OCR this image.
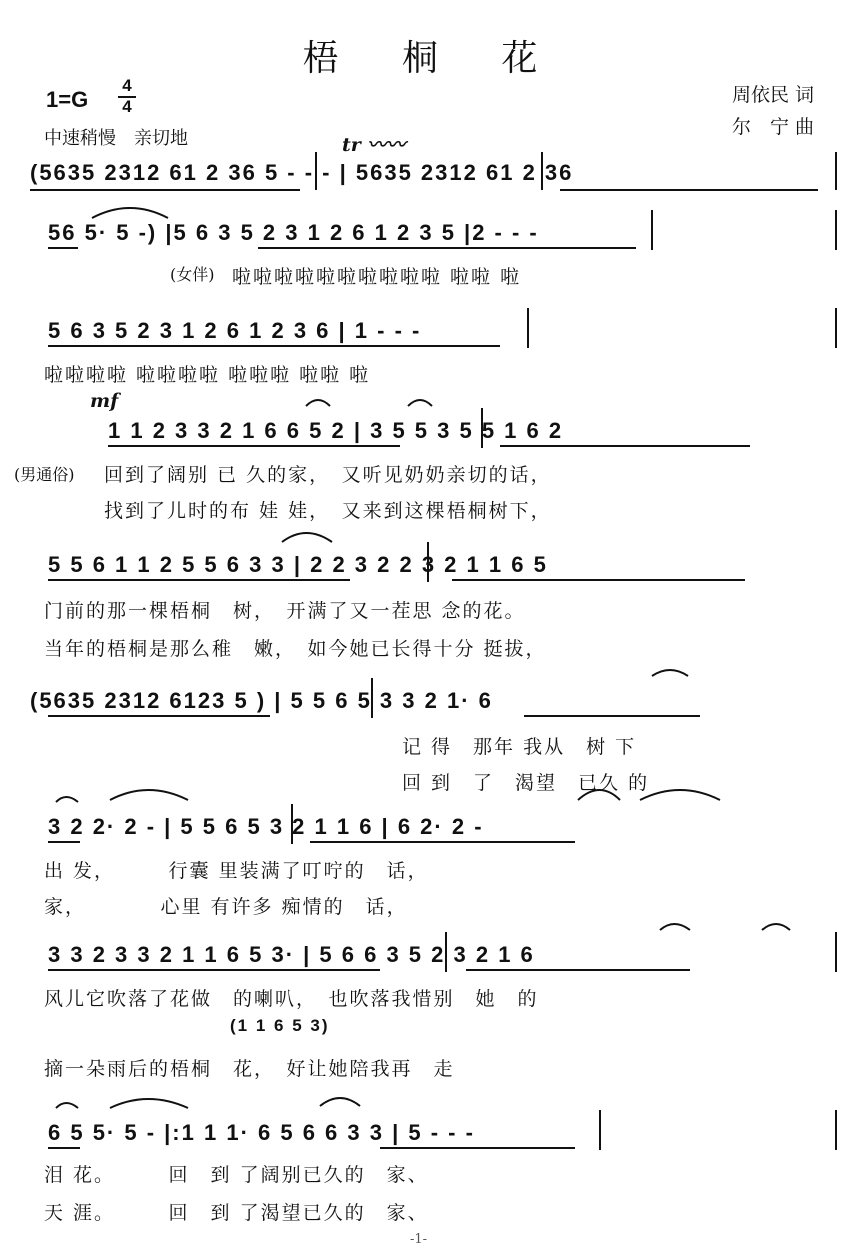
梧 桐 花
1=G
4
4
中速稍慢　亲切地
周依民 词
尔　宁 曲
tr 〰〰
(5635 2312 61 2 36 5 - - - | 5635 2312 61 2 36
56 5· 5 -) |5 6 3 5 2 3 1 2 6 1 2 3 5 |2 - - -
(女伴) 啦啦啦啦啦啦啦啦啦啦 啦啦 啦
5 6 3 5 2 3 1 2 6 1 2 3 6 | 1 - - -
啦啦啦啦 啦啦啦啦 啦啦啦 啦啦 啦
mf
1 1 2 3 3 2 1 6 6 5 2 | 3 5 5 3 5 5 1 6 2
(男通俗) 回到了阔别 已 久的家，　又听见奶奶亲切的话，
找到了儿时的布 娃 娃，　又来到这棵梧桐树下，
5 5 6 1 1 2 5 5 6 3 3 | 2 2 3 2 2 3 2 1 1 6 5
门前的那一棵梧桐　树，　开满了又一茬思 念的花。
当年的梧桐是那么稚　嫩，　如今她已长得十分 挺拔，
(5635 2312 6123 5 ) | 5 5 6 5 3 3 2 1· 6
记 得　那年 我从　树 下
回 到　了　渴望　已久 的
3 2 2· 2 - | 5 5 6 5 3 2 1 1 6 | 6 2· 2 -
出 发，　　　行囊 里装满了叮咛的　话，
家，　　　　心里 有许多 痴情的　话，
3 3 2 3 3 2 1 1 6 5 3· | 5 6 6 3 5 2 3 2 1 6
风儿它吹落了花做　的喇叭，　也吹落我惜别　她　的
(1 1 6 5 3)
摘一朵雨后的梧桐　花，　好让她陪我再　走
6 5 5· 5 - |:1 1 1· 6 5 6 6 3 3 | 5 - - -
泪 花。　　　回　到 了阔别已久的　家、
天 涯。　　　回　到 了渴望已久的　家、
-1-
